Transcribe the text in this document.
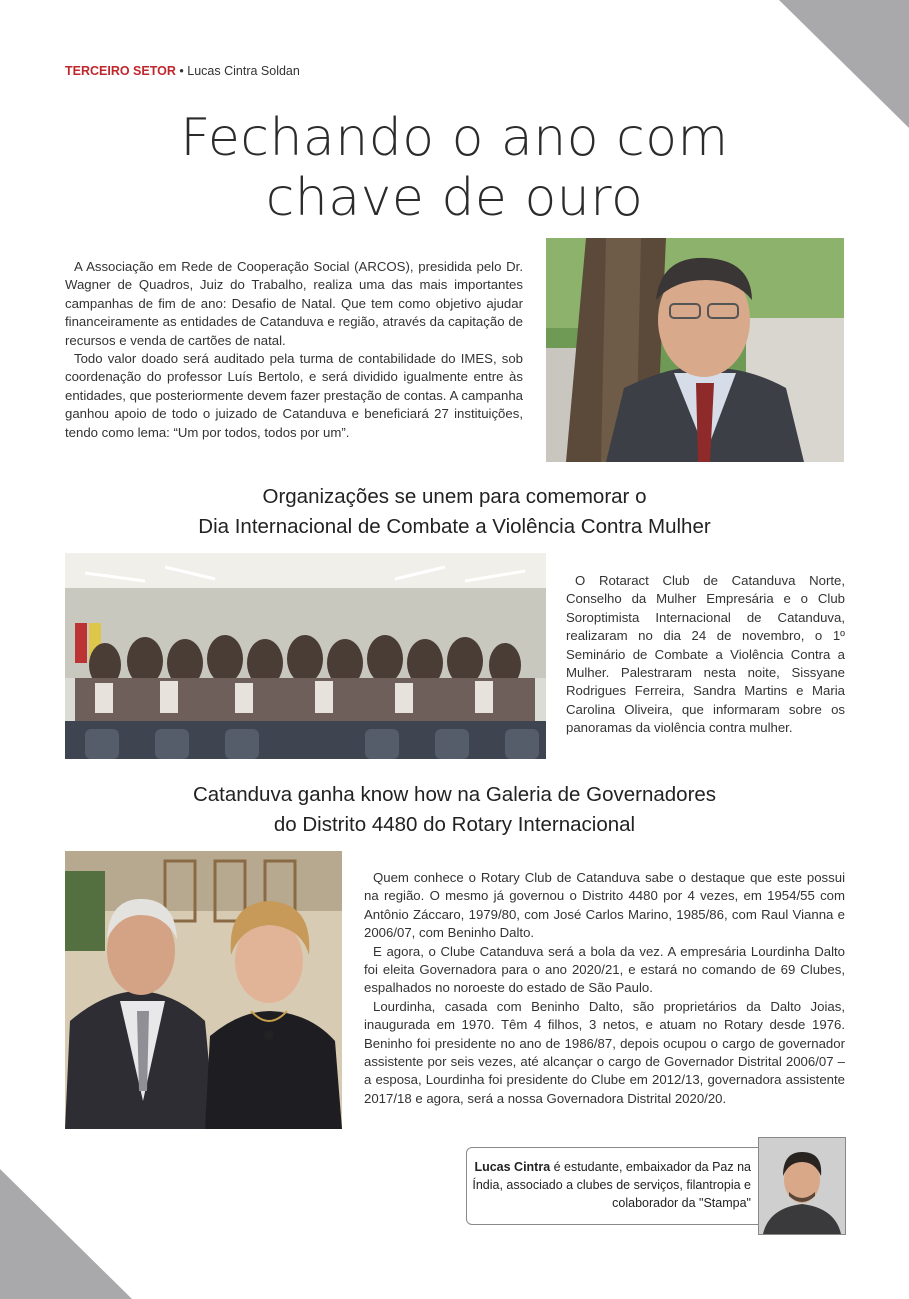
TERCEIRO SETOR • Lucas Cintra Soldan
Fechando o ano com
chave de ouro

A Associação em Rede de Cooperação Social (ARCOS), presidida pelo Dr. Wagner de Quadros, Juiz do Trabalho, realiza uma das mais importantes campanhas de fim de ano: Desafio de Natal. Que tem como objetivo ajudar financeiramente as entidades de Catanduva e região, através da capitação de recursos e venda de cartões de natal.

Todo valor doado será auditado pela turma de contabilidade do IMES, sob coordenação do professor Luís Bertolo, e será dividido igualmente entre às entidades, que posteriormente devem fazer prestação de contas. A campanha ganhou apoio de todo o juizado de Catanduva e beneficiará 27 instituições, tendo como lema: “Um por todos, todos por um”.

Organizações se unem para comemorar o
Dia Internacional de Combate a Violência Contra Mulher

O Rotaract Club de Catanduva Norte, Conselho da Mulher Empresária e o Club Soroptimista Internacional de Catanduva, realizaram no dia 24 de novembro, o 1º Seminário de Combate a Violência Contra a Mulher. Palestraram nesta noite, Sissyane Rodrigues Ferreira, Sandra Martins e Maria Carolina Oliveira, que informaram sobre os panoramas da violência contra mulher.

Catanduva ganha know how na Galeria de Governadores
do Distrito 4480 do Rotary Internacional

Quem conhece o Rotary Club de Catanduva sabe o destaque que este possui na região. O mesmo já governou o Distrito 4480 por 4 vezes, em 1954/55 com Antônio Záccaro, 1979/80, com José Carlos Marino, 1985/86, com Raul Vianna e 2006/07, com Beninho Dalto.

E agora, o Clube Catanduva será a bola da vez. A empresária Lourdinha Dalto foi eleita Governadora para o ano 2020/21, e estará no comando de 69 Clubes, espalhados no noroeste do estado de São Paulo.

Lourdinha, casada com Beninho Dalto, são proprietários da Dalto Joias, inaugurada em 1970. Têm 4 filhos, 3 netos, e atuam no Rotary desde 1976. Beninho foi presidente no ano de 1986/87, depois ocupou o cargo de governador assistente por seis vezes, até alcançar o cargo de Governador Distrital 2006/07 – a esposa, Lourdinha foi presidente do Clube em 2012/13, governadora assistente 2017/18 e agora, será a nossa Governadora Distrital 2020/20.

Lucas Cintra é estudante, embaixador da Paz na Índia, associado a clubes de serviços, filantropia e colaborador da "Stampa"
